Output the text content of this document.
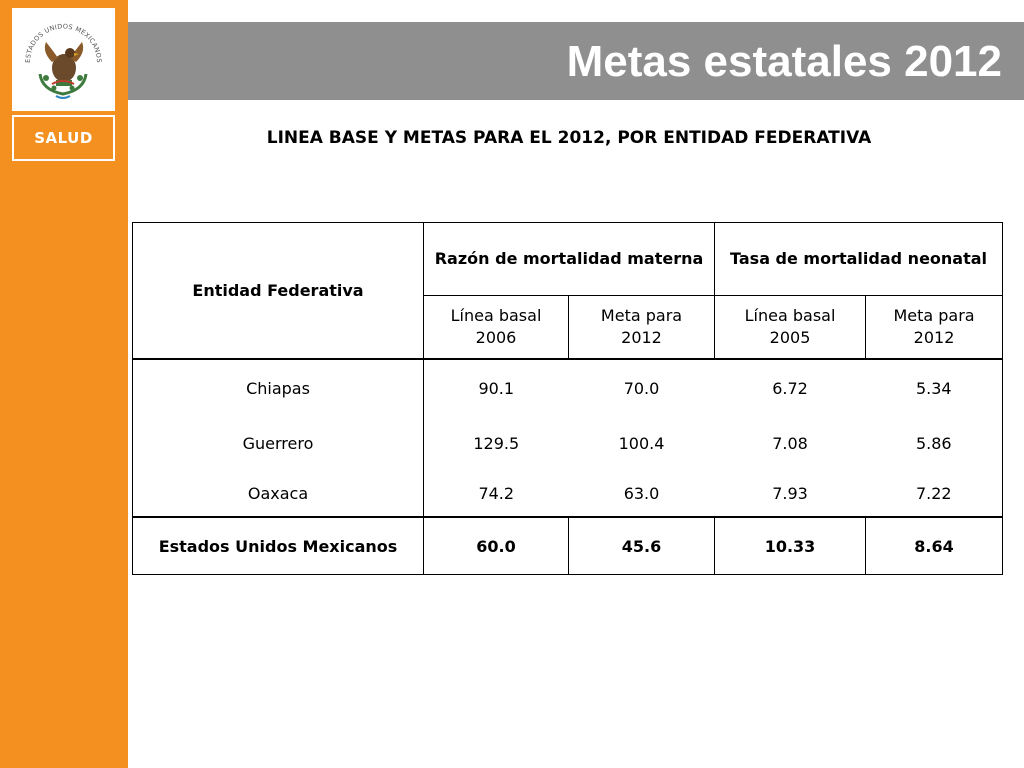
ESTADOS UNIDOS MEXICANOS
SALUD
Metas estatales 2012
LINEA BASE Y METAS PARA EL 2012, POR ENTIDAD FEDERATIVA
Entidad Federativa	Razón de mortalidad materna		Tasa de mortalidad neonatal	
	Línea basal 2006	Meta para 2012	Línea basal 2005	Meta para 2012
Chiapas	90.1	70.0	6.72	5.34
Guerrero	129.5	100.4	7.08	5.86
Oaxaca	74.2	63.0	7.93	7.22
Estados Unidos Mexicanos	60.0	45.6	10.33	8.64
